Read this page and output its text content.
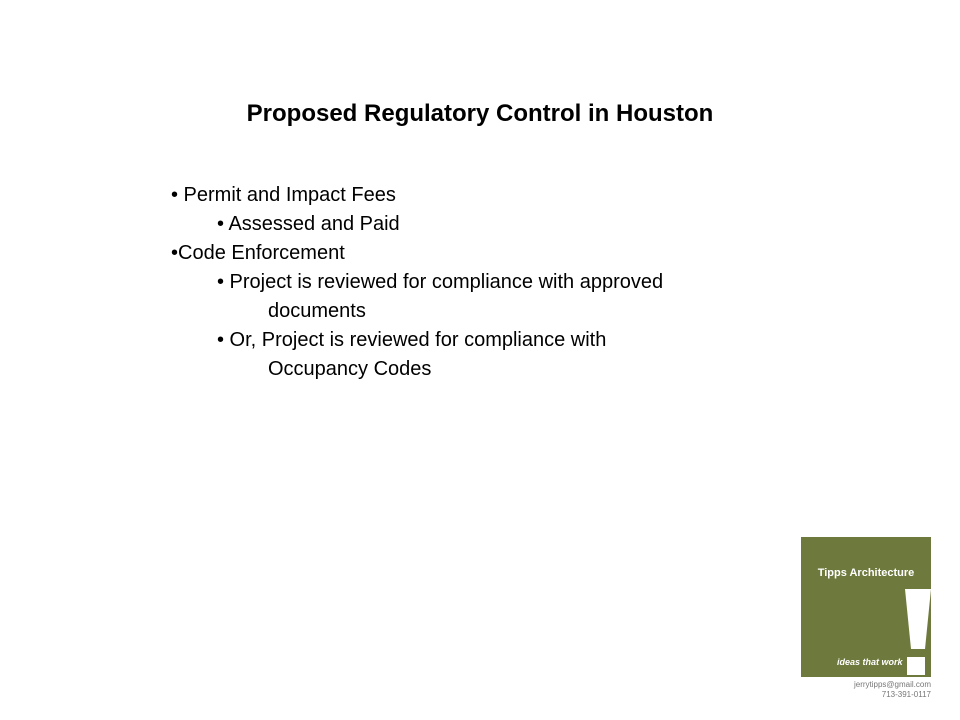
Proposed Regulatory Control in Houston
• Permit and Impact Fees
• Assessed and Paid
•Code Enforcement
• Project is reviewed for compliance with approved
documents
• Or, Project is reviewed for compliance with
Occupancy Codes
Tipps Architecture
ideas that work
jerrytipps@gmail.com
713-391-0117
